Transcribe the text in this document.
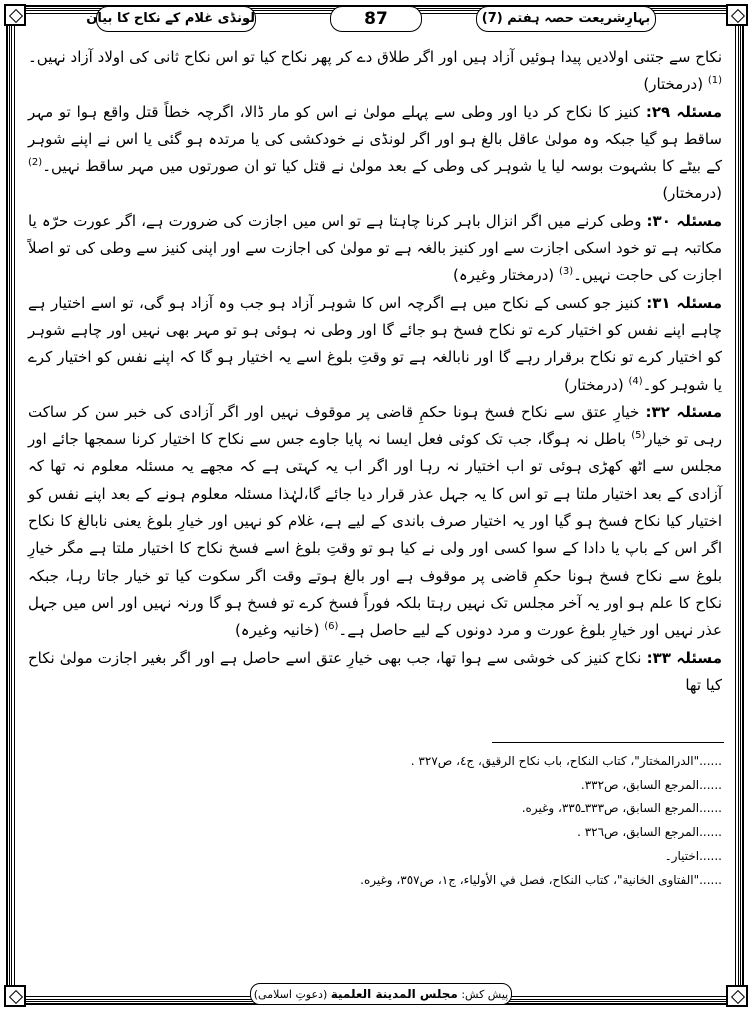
بہارِشریعت حصہ ہفتم (7)
87
لونڈی غلام کے نکاح کا بیان

نکاح سے جتنی اولادیں پیدا ہوئیں آزاد ہیں اور اگر طلاق دے کر پھر نکاح کیا تو اس نکاح ثانی کی اولاد آزاد نہیں۔$^{(1)}$ (درمختار)

مسئلہ ۲۹: کنیز کا نکاح کر دیا اور وطی سے پہلے مولیٰ نے اس کو مار ڈالا، اگرچہ خطاً قتل واقع ہوا تو مہر ساقط ہو گیا جبکہ وہ مولیٰ عاقل بالغ ہو اور اگر لونڈی نے خودکشی کی یا مرتدہ ہو گئی یا اس نے اپنے شوہر کے بیٹے کا بشہوت بوسہ لیا یا شوہر کی وطی کے بعد مولیٰ نے قتل کیا تو ان صورتوں میں مہر ساقط نہیں۔$^{(2)}$ (درمختار)

مسئلہ ۳۰: وطی کرنے میں اگر انزال باہر کرنا چاہتا ہے تو اس میں اجازت کی ضرورت ہے، اگر عورت حرّہ یا مکاتبہ ہے تو خود اسکی اجازت سے اور کنیز بالغہ ہے تو مولیٰ کی اجازت سے اور اپنی کنیز سے وطی کی تو اصلاً اجازت کی حاجت نہیں۔$^{(3)}$ (درمختار وغیرہ)

مسئلہ ۳۱: کنیز جو کسی کے نکاح میں ہے اگرچہ اس کا شوہر آزاد ہو جب وہ آزاد ہو گی، تو اسے اختیار ہے چاہے اپنے نفس کو اختیار کرے تو نکاح فسخ ہو جائے گا اور وطی نہ ہوئی ہو تو مہر بھی نہیں اور چاہے شوہر کو اختیار کرے تو نکاح برقرار رہے گا اور نابالغہ ہے تو وقتِ بلوغ اسے یہ اختیار ہو گا کہ اپنے نفس کو اختیار کرے یا شوہر کو۔$^{(4)}$ (درمختار)

مسئلہ ۳۲: خیارِ عتق سے نکاح فسخ ہونا حکمِ قاضی پر موقوف نہیں اور اگر آزادی کی خبر سن کر ساکت رہی تو خیار$^{(5)}$ باطل نہ ہوگا، جب تک کوئی فعل ایسا نہ پایا جاوے جس سے نکاح کا اختیار کرنا سمجھا جائے اور مجلس سے اٹھ کھڑی ہوئی تو اب اختیار نہ رہا اور اگر اب یہ کہتی ہے کہ مجھے یہ مسئلہ معلوم نہ تھا کہ آزادی کے بعد اختیار ملتا ہے تو اس کا یہ جہل عذر قرار دیا جائے گا،لہٰذا مسئلہ معلوم ہونے کے بعد اپنے نفس کو اختیار کیا نکاح فسخ ہو گیا اور یہ اختیار صرف باندی کے لیے ہے، غلام کو نہیں اور خیارِ بلوغ یعنی نابالغ کا نکاح اگر اس کے باپ یا دادا کے سوا کسی اور ولی نے کیا ہو تو وقتِ بلوغ اسے فسخ نکاح کا اختیار ملتا ہے مگر خیارِ بلوغ سے نکاح فسخ ہونا حکمِ قاضی پر موقوف ہے اور بالغ ہوتے وقت اگر سکوت کیا تو خیار جاتا رہا، جبکہ نکاح کا علم ہو اور یہ آخر مجلس تک نہیں رہتا بلکہ فوراً فسخ کرے تو فسخ ہو گا ورنہ نہیں اور اس میں جہل عذر نہیں اور خیارِ بلوغ عورت و مرد دونوں کے لیے حاصل ہے۔$^{(6)}$ (خانیہ وغیرہ)

مسئلہ ۳۳: نکاح کنیز کی خوشی سے ہوا تھا، جب بھی خیارِ عتق اسے حاصل ہے اور اگر بغیر اجازت مولیٰ نکاح کیا تھا

......"الدرالمختار"، كتاب النكاح، باب نكاح الرقيق، ج٤، ص٣٢٧ .
......المرجع السابق، ص٣٣٢.
......المرجع السابق، ص٣٣٣ـ٣٣٥، وغيره.
......المرجع السابق، ص٣٢٦ .
......اختیار۔
......"الفتاوى الخانية"، كتاب النكاح، فصل في الأولياء، ج١، ص٣٥٧، وغيره.
پیش کش: مجلس المدينة العلمية (دعوتِ اسلامی)
